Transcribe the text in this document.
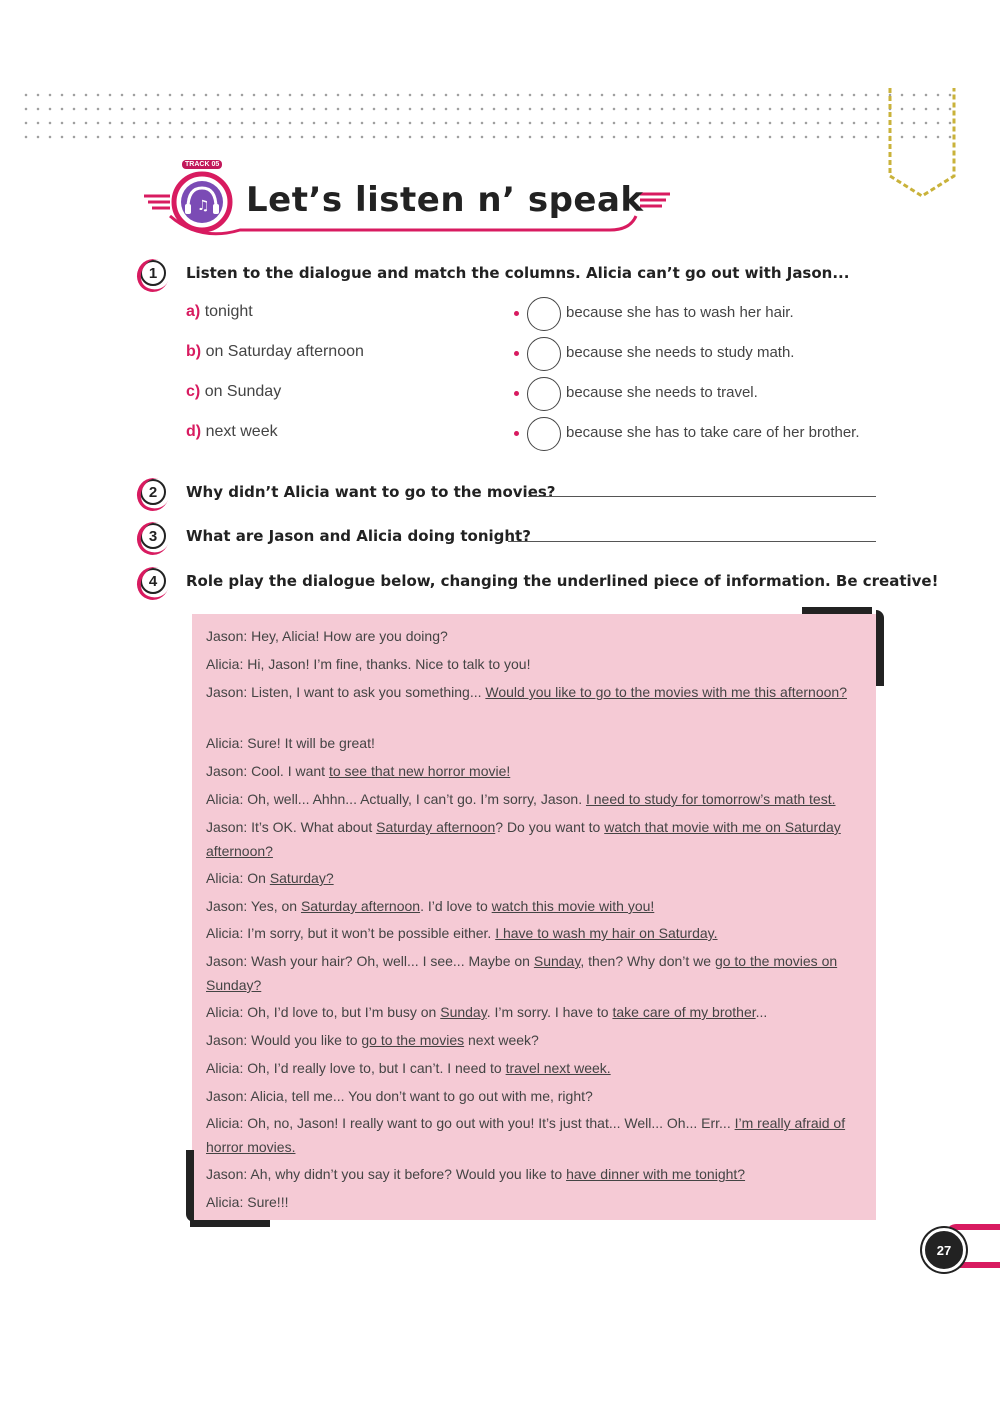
♫
TRACK 05
Let’s listen n’ speak
1	Listen to the dialogue and match the columns. Alicia can’t go out with Jason...
a) tonight
b) on Saturday afternoon
c) on Sunday
d) next week
because she has to wash her hair.
because she needs to study math.
because she needs to travel.
because she has to take care of her brother.
2	Why didn’t Alicia want to go to the movies?
3	What are Jason and Alicia doing tonight?
4	Role play the dialogue below, changing the underlined piece of information. Be creative!
Jason: Hey, Alicia! How are you doing?
Alicia: Hi, Jason! I’m fine, thanks. Nice to talk to you!
Jason: Listen, I want to ask you something... Would you like to go to the movies with me this afternoon?
Alicia: Sure! It will be great!
Jason: Cool. I want to see that new horror movie!
Alicia: Oh, well... Ahhn... Actually, I can’t go. I’m sorry, Jason. I need to study for tomorrow’s math test.
Jason: It’s OK. What about Saturday afternoon? Do you want to watch that movie with me on Saturday afternoon?
Alicia: On Saturday?
Jason: Yes, on Saturday afternoon. I’d love to watch this movie with you!
Alicia: I’m sorry, but it won’t be possible either. I have to wash my hair on Saturday.
Jason: Wash your hair? Oh, well... I see... Maybe on Sunday, then? Why don’t we go to the movies on Sunday?
Alicia: Oh, I’d love to, but I’m busy on Sunday. I’m sorry. I have to take care of my brother...
Jason: Would you like to go to the movies next week?
Alicia: Oh, I’d really love to, but I can’t. I need to travel next week.
Jason: Alicia, tell me... You don’t want to go out with me, right?
Alicia: Oh, no, Jason! I really want to go out with you! It’s just that... Well... Oh... Err... I’m really afraid of horror movies.
Jason: Ah, why didn’t you say it before? Would you like to have dinner with me tonight?
Alicia: Sure!!!
27
